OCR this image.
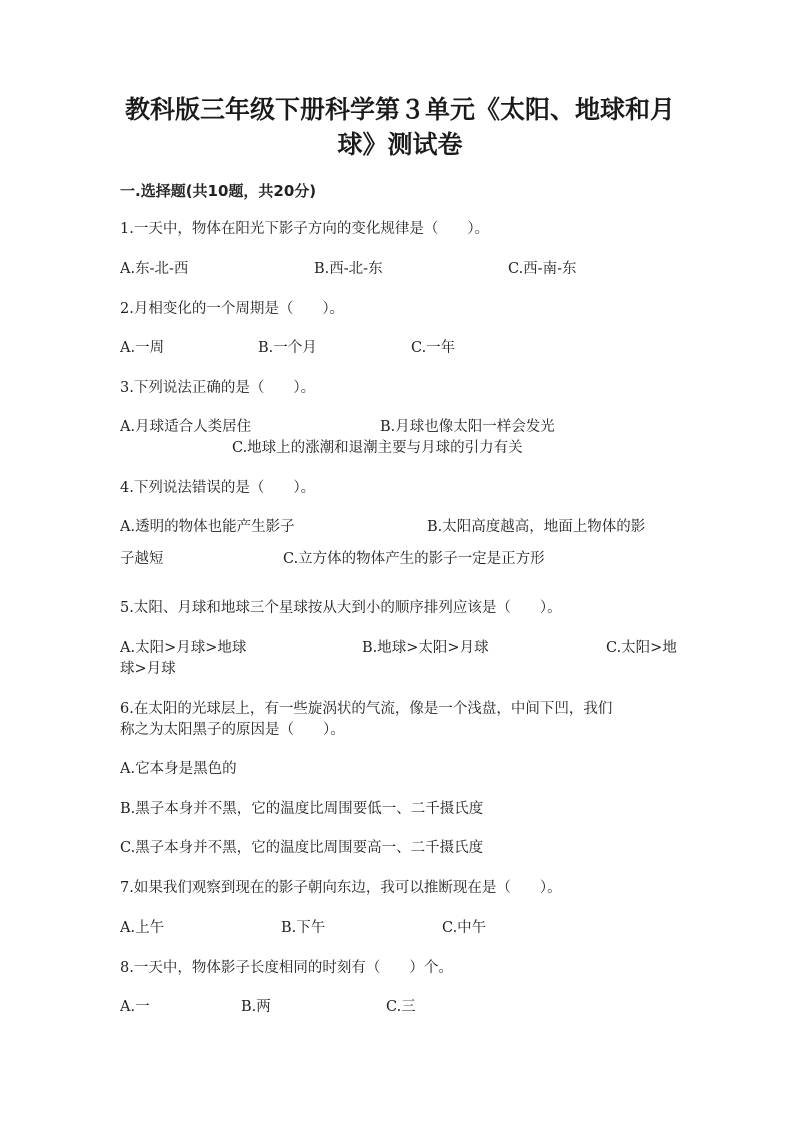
教科版三年级下册科学第３单元《太阳、地球和月
球》测试卷
一.选择题(共10题，共20分)
1.一天中，物体在阳光下影子方向的变化规律是（　　）。
A.东-北-西	B.西-北-东	C.西-南-东
2.月相变化的一个周期是（　　）。
A.一周	B.一个月	C.一年
3.下列说法正确的是（　　）。
A.月球适合人类居住	B.月球也像太阳一样会发光
C.地球上的涨潮和退潮主要与月球的引力有关
4.下列说法错误的是（　　）。
A.透明的物体也能产生影子	B.太阳高度越高，地面上物体的影
子越短	C.立方体的物体产生的影子一定是正方形
5.太阳、月球和地球三个星球按从大到小的顺序排列应该是（　　）。
A.太阳>月球>地球	B.地球>太阳>月球	C.太阳>地
球>月球
6.在太阳的光球层上，有一些旋涡状的气流，像是一个浅盘，中间下凹，我们
称之为太阳黑子的原因是（　　）。
A.它本身是黑色的
B.黑子本身并不黑，它的温度比周围要低一、二千摄氏度
C.黑子本身并不黑，它的温度比周围要高一、二千摄氏度
7.如果我们观察到现在的影子朝向东边，我可以推断现在是（　　）。
A.上午	B.下午	C.中午
8.一天中，物体影子长度相同的时刻有（　　）个。
A.一	B.两	C.三
